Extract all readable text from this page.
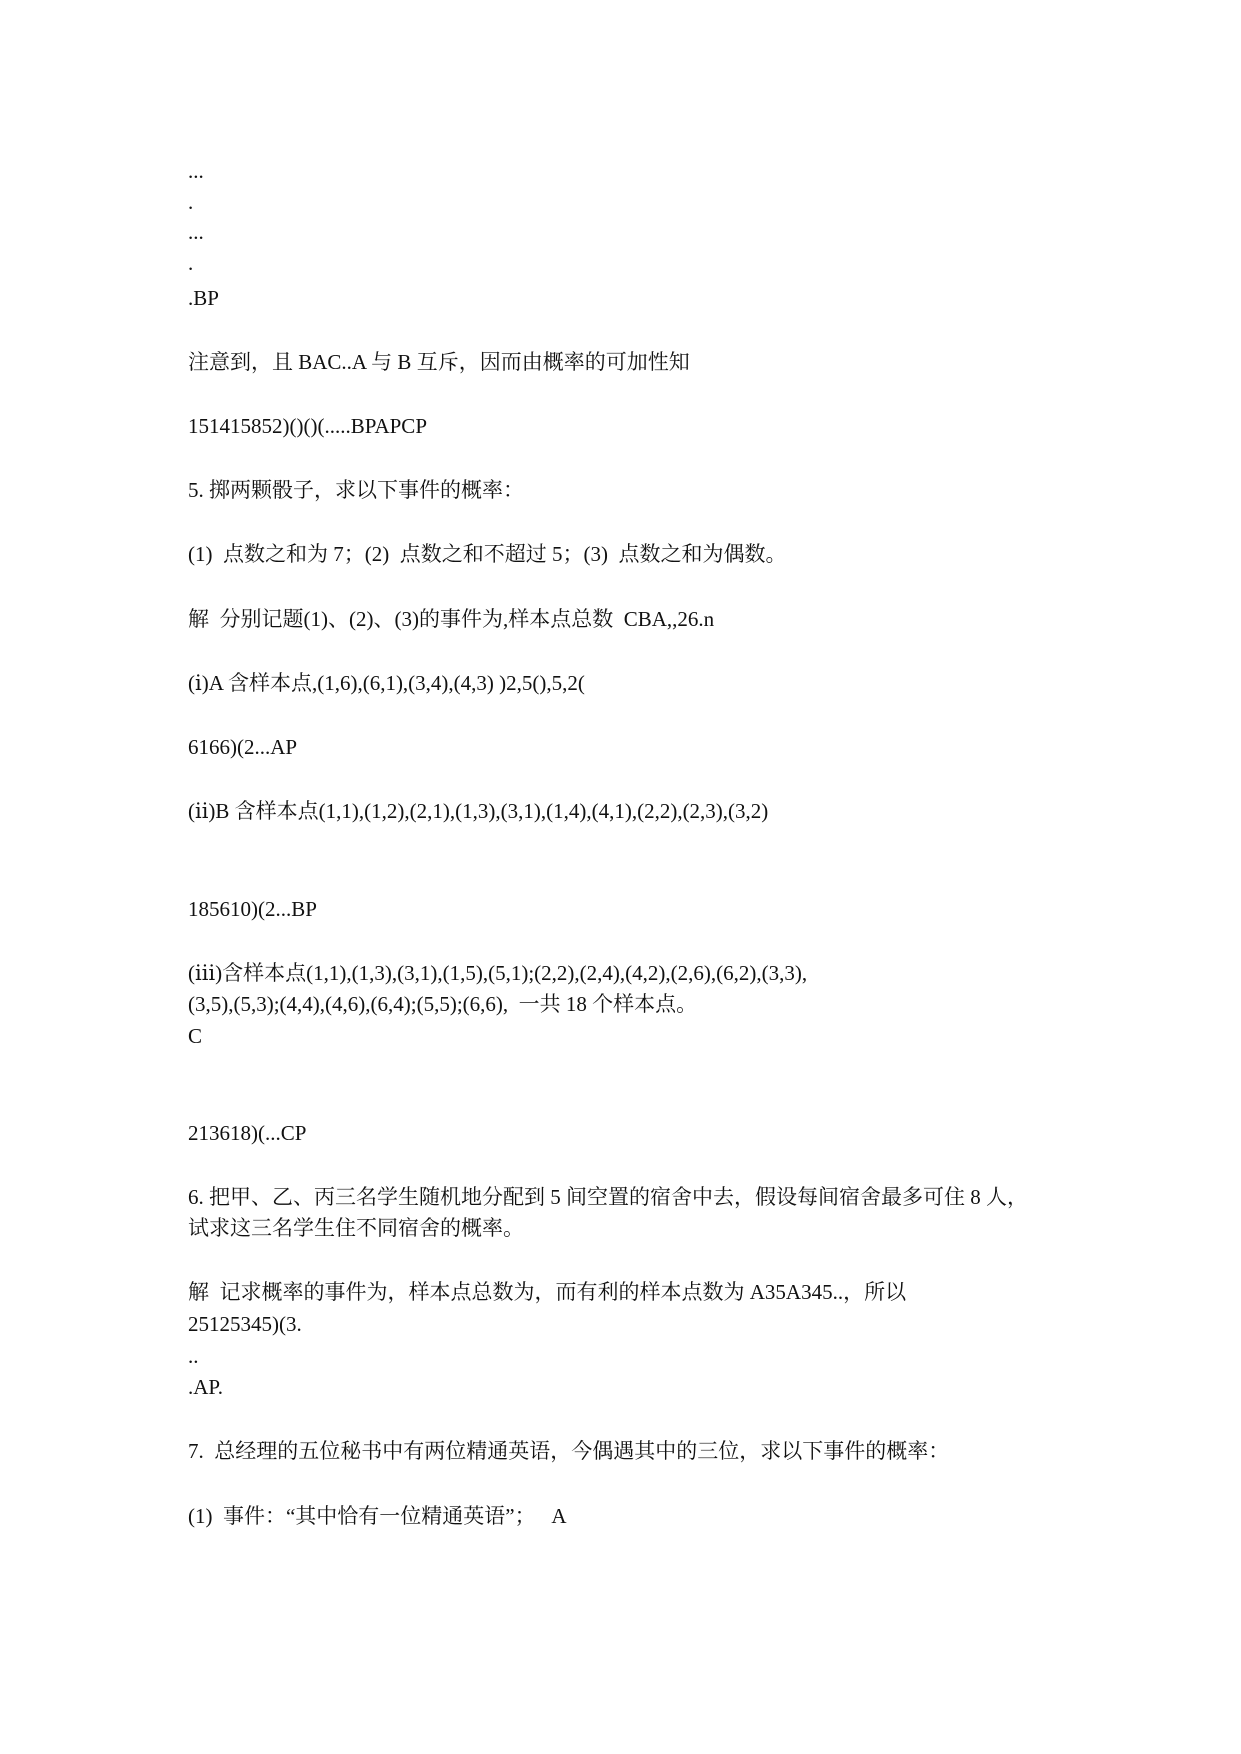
...
.
...
.
.BP
注意到，且 BAC..A 与 B 互斥，因而由概率的可加性知
151415852)()()(.....BPAPCP
5. 掷两颗骰子，求以下事件的概率：
(1)  点数之和为 7；(2)  点数之和不超过 5；(3)  点数之和为偶数。
解  分别记题(1)、(2)、(3)的事件为,样本点总数  CBA,,26.n
(ⅰ)A 含样本点,(1,6),(6,1),(3,4),(4,3) )2,5(),5,2(
6166)(2...AP
(ⅱ)B 含样本点(1,1),(1,2),(2,1),(1,3),(3,1),(1,4),(4,1),(2,2),(2,3),(3,2)
185610)(2...BP
(ⅲ)含样本点(1,1),(1,3),(3,1),(1,5),(5,1);(2,2),(2,4),(4,2),(2,6),(6,2),(3,3),
(3,5),(5,3);(4,4),(4,6),(6,4);(5,5);(6,6),  一共 18 个样本点。
C
213618)(...CP
6. 把甲、乙、丙三名学生随机地分配到 5 间空置的宿舍中去，假设每间宿舍最多可住 8 人，
试求这三名学生住不同宿舍的概率。
解  记求概率的事件为，样本点总数为，而有利的样本点数为 A35A345..，所以
25125345)(3.
..
.AP.
7.  总经理的五位秘书中有两位精通英语，今偶遇其中的三位，求以下事件的概率：
(1)  事件：“其中恰有一位精通英语”；   A
